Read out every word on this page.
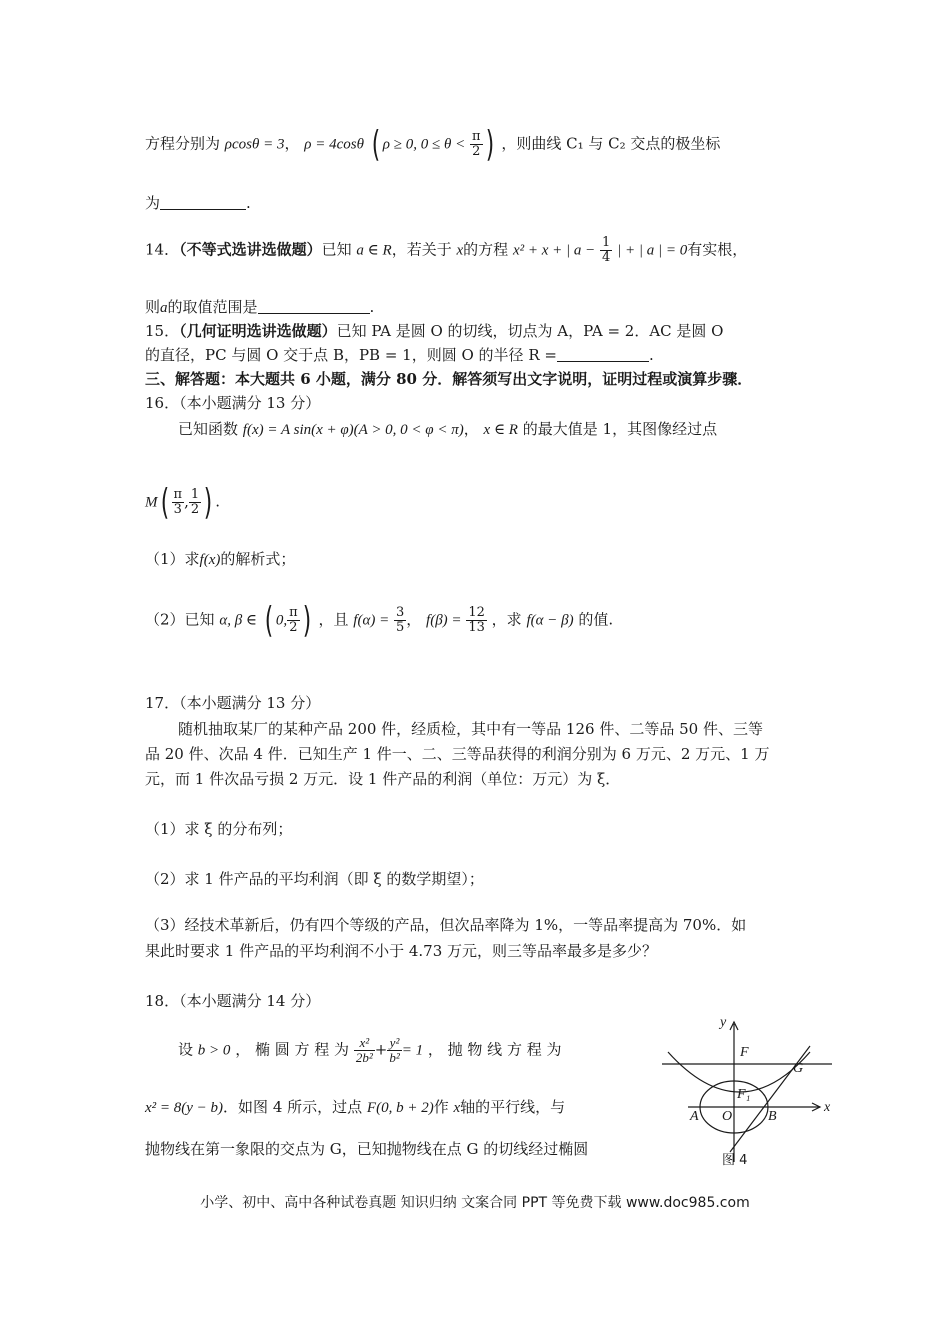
方程分别为 ρcosθ = 3， ρ = 4cosθ ( ρ ≥ 0, $0 \le \theta < \frac{\pi}{2}$ ) ，则曲线 C₁ 与 C₂ 交点的极坐标
为	.
14．（不等式选讲选做题）已知 a ∈ R，若关于 x的方程 x² + x + | $a - \frac{1}{4}$ | + | a | = 0有实根，
则a的取值范围是	.
15．（几何证明选讲选做题）已知 PA 是圆 O 的切线，切点为 A，PA = 2．AC 是圆 O
的直径，PC 与圆 O 交于点 B，PB = 1，则圆 O 的半径 R =	.
三、解答题：本大题共 6 小题，满分 80 分．解答须写出文字说明，证明过程或演算步骤．
16．（本小题满分 13 分）
已知函数 f(x) = A sin(x + φ)(A > 0, 0 < φ < π)， x ∈ R 的最大值是 1，其图像经过点
$M( \frac{\pi}{3}$ , $\frac{1}{2}$ ) .
（1）求f(x)的解析式；
（2）已知 α, β ∈ ( 0, $\frac{\pi}{2}$ ) ，且 $f(\alpha) = \frac{3}{5}$ ， $f(\beta) = \frac{12}{13}$ ，求 f(α − β) 的值.
17．（本小题满分 13 分）
随机抽取某厂的某种产品 200 件，经质检，其中有一等品 126 件、二等品 50 件、三等
品 20 件、次品 4 件．已知生产 1 件一、二、三等品获得的利润分别为 6 万元、2 万元、1 万
元，而 1 件次品亏损 2 万元．设 1 件产品的利润（单位：万元）为 ξ．
（1）求 ξ 的分布列；
（2）求 1 件产品的平均利润（即 ξ 的数学期望）；
（3）经技术革新后，仍有四个等级的产品，但次品率降为 1%，一等品率提高为 70%．如
果此时要求 1 件产品的平均利润不小于 4.73 万元，则三等品率最多是多少？
18．（本小题满分 14 分）
设 b > 0 ， 椭 圆 方 程 为 $\frac{\text{x²}}{\text{2b²}} + \frac{\text{y²}}{\text{b²}} = 1$ ， 抛 物 线 方 程 为
x² = 8(y − b)．如图 4 所示，过点 F(0, b + 2)作 x轴的平行线，与
抛物线在第一象限的交点为 G，已知抛物线在点 G 的切线经过椭圆
y
x
F
G
F₁
A O	B
图 4
小学、初中、高中各种试卷真题 知识归纳 文案合同 PPT 等免费下载 www.doc985.com
